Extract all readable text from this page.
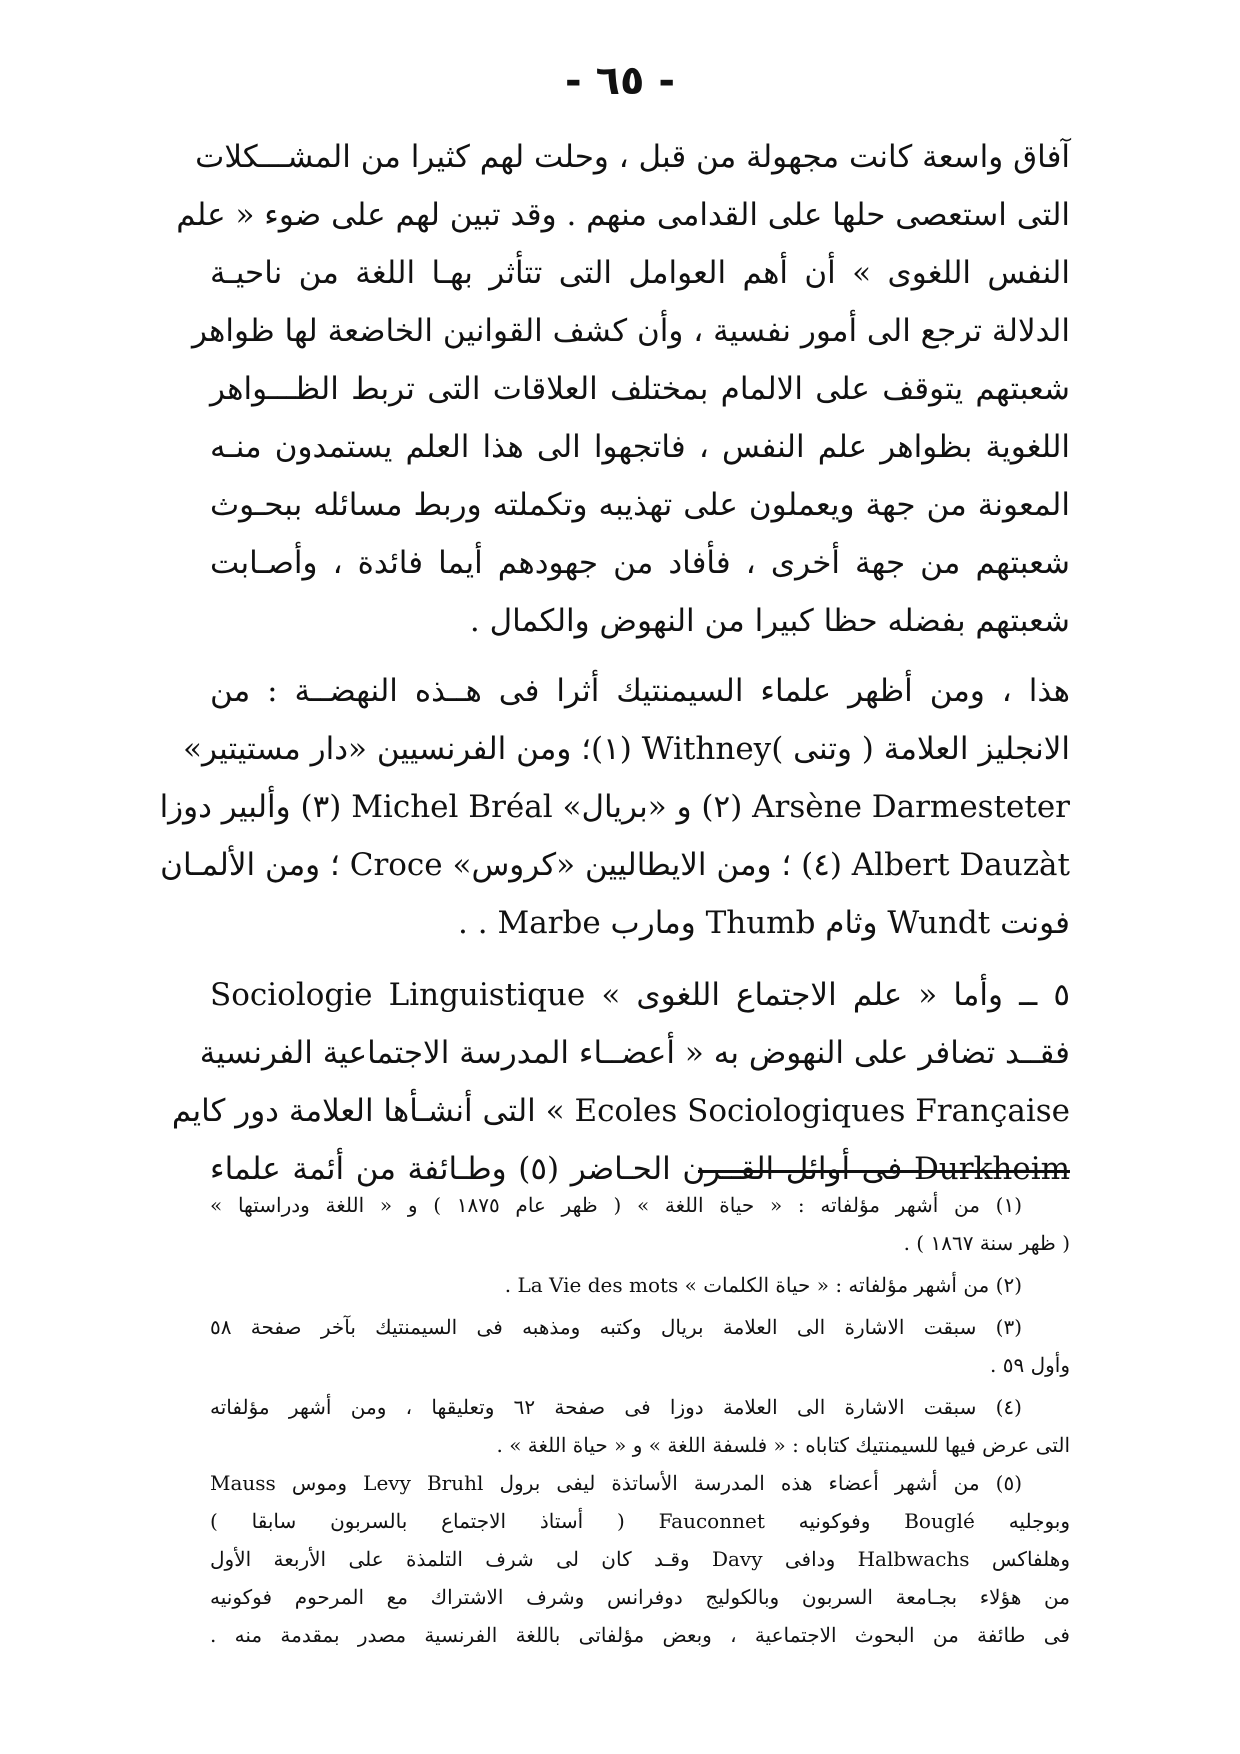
- ٦٥ -
آفاق واسعة كانت مجهولة من قبل ، وحلت لهم كثيرا من المشـــكلات
التى استعصى حلها على القدامى منهم . وقد تبين لهم على ضوء « علم
النفس اللغوى » أن أهم العوامل التى تتأثر بهـا اللغة من ناحيـة
الدلالة ترجع الى أمور نفسية ، وأن كشف القوانين الخاضعة لها ظواهر
شعبتهم يتوقف على الالمام بمختلف العلاقات التى تربط الظـــواهر
اللغوية بظواهر علم النفس ، فاتجهوا الى هذا العلم يستمدون منـه
المعونة من جهة ويعملون على تهذيبه وتكملته وربط مسائله ببحـوث
شعبتهم من جهة أخرى ، فأفاد من جهودهم أيما فائدة ، وأصـابت
شعبتهم بفضله حظا كبيرا من النهوض والكمال .
هذا ، ومن أظهر علماء السيمنتيك أثرا فى هــذه النهضــة : من
الانجليز العلامة ( وتنى )Withney (١)؛ ومن الفرنسيين «دار مستيتير»
Arsène Darmesteter (٢) و «بريال» Michel Bréal (٣) وألبير دوزا
Albert Dauzàt (٤) ؛ ومن الايطاليين «كروس» Croce ؛ ومن الألمـان
فونت Wundt وثام Thumb ومارب Marbe . .
٥ ــ وأما « علم الاجتماع اللغوى » Sociologie Linguistique
فقــد تضافر على النهوض به « أعضــاء المدرسة الاجتماعية الفرنسية
Ecoles Sociologiques Française » التى أنشـأها العلامة دور كايم
Durkheim فى أوائل القــرن الحـاضر (٥) وطـائفة من أئمة علماء
(١) من أشهر مؤلفاته : « حياة اللغة » ( ظهر عام ١٨٧٥ ) و « اللغة ودراستها »
( ظهر سنة ١٨٦٧ ) .
(٢) من أشهر مؤلفاته : « حياة الكلمات » La Vie des mots .
(٣) سبقت الاشارة الى العلامة بريال وكتبه ومذهبه فى السيمنتيك بآخر صفحة ٥٨
وأول ٥٩ .
(٤) سبقت الاشارة الى العلامة دوزا فى صفحة ٦٢ وتعليقها ، ومن أشهر مؤلفاته
التى عرض فيها للسيمنتيك كتاباه : « فلسفة اللغة » و « حياة اللغة » .
(٥) من أشهر أعضاء هذه المدرسة الأساتذة ليفى برول Levy Bruhl وموس Mauss
وبوجليه Bouglé وفوكونيه Fauconnet ( أستاذ الاجتماع بالسربون سابقا )
وهلفاكس Halbwachs ودافى Davy وقـد كان لى شرف التلمذة على الأربعة الأول
من هؤلاء بجـامعة السربون وبالكوليج دوفرانس وشرف الاشتراك مع المرحوم فوكونيه
فى طائفة من البحوث الاجتماعية ، وبعض مؤلفاتى باللغة الفرنسية مصدر بمقدمة منه .
